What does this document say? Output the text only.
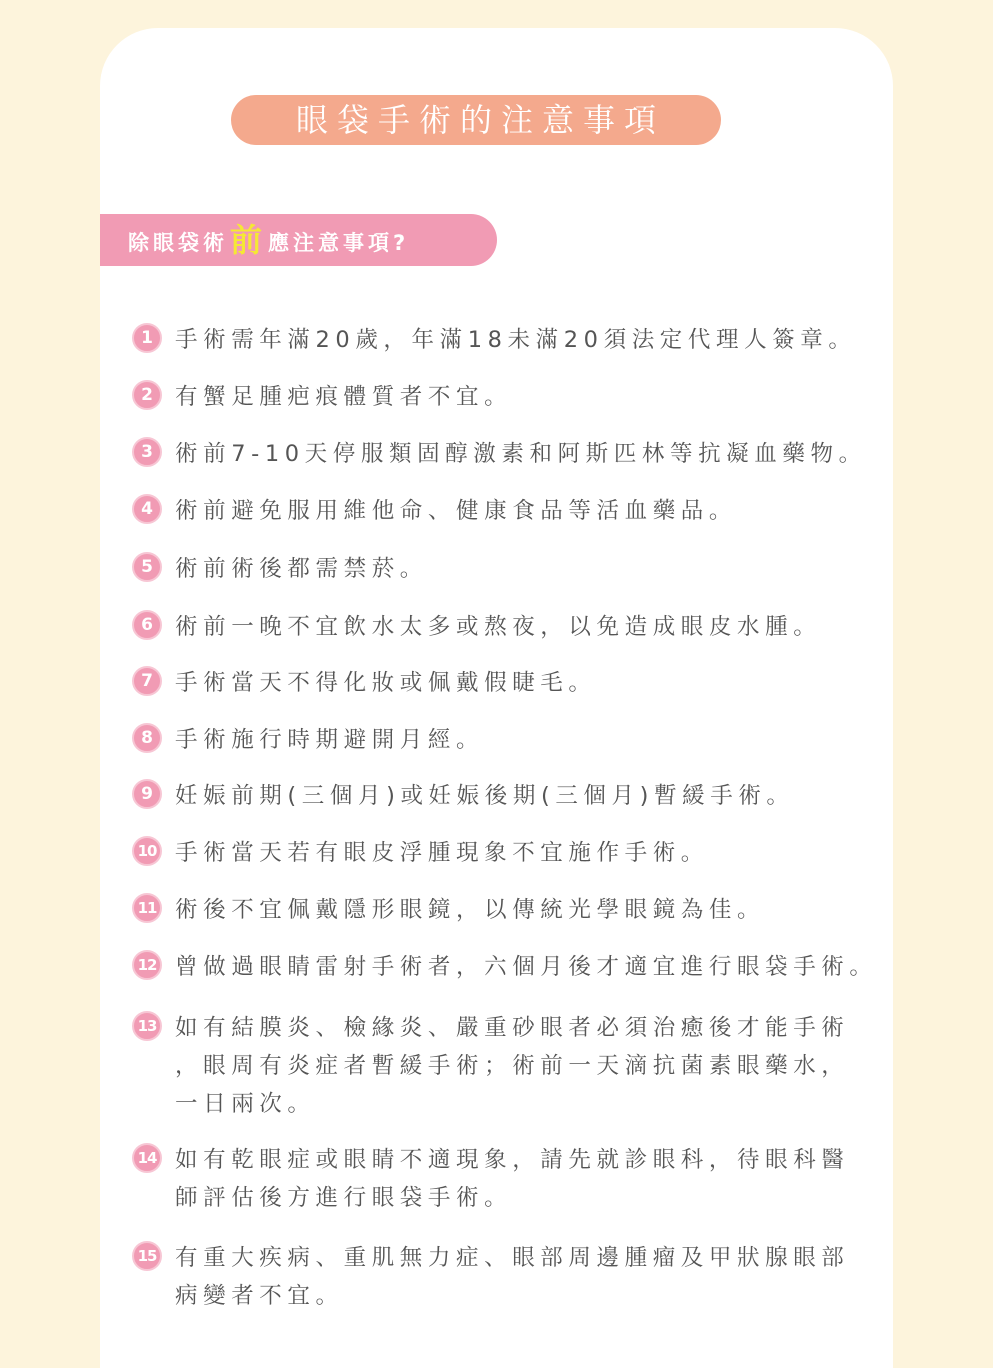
眼袋手術的注意事項
除眼袋術前 應注意事項?
1 手術需年滿20歲，年滿18未滿20須法定代理人簽章。
2 有蟹足腫疤痕體質者不宜。
3 術前7-10天停服類固醇激素和阿斯匹林等抗凝血藥物。
4 術前避免服用維他命、健康食品等活血藥品。
5 術前術後都需禁菸。
6 術前一晚不宜飲水太多或熬夜，以免造成眼皮水腫。
7 手術當天不得化妝或佩戴假睫毛。
8 手術施行時期避開月經。
9 妊娠前期(三個月)或妊娠後期(三個月)暫緩手術。
10 手術當天若有眼皮浮腫現象不宜施作手術。
11 術後不宜佩戴隱形眼鏡，以傳統光學眼鏡為佳。
12 曾做過眼睛雷射手術者，六個月後才適宜進行眼袋手術。
13 如有結膜炎、檢緣炎、嚴重砂眼者必須治癒後才能手術
，眼周有炎症者暫緩手術；術前一天滴抗菌素眼藥水，
一日兩次。
14 如有乾眼症或眼睛不適現象，請先就診眼科，待眼科醫
師評估後方進行眼袋手術。
15 有重大疾病、重肌無力症、眼部周邊腫瘤及甲狀腺眼部
病變者不宜。
